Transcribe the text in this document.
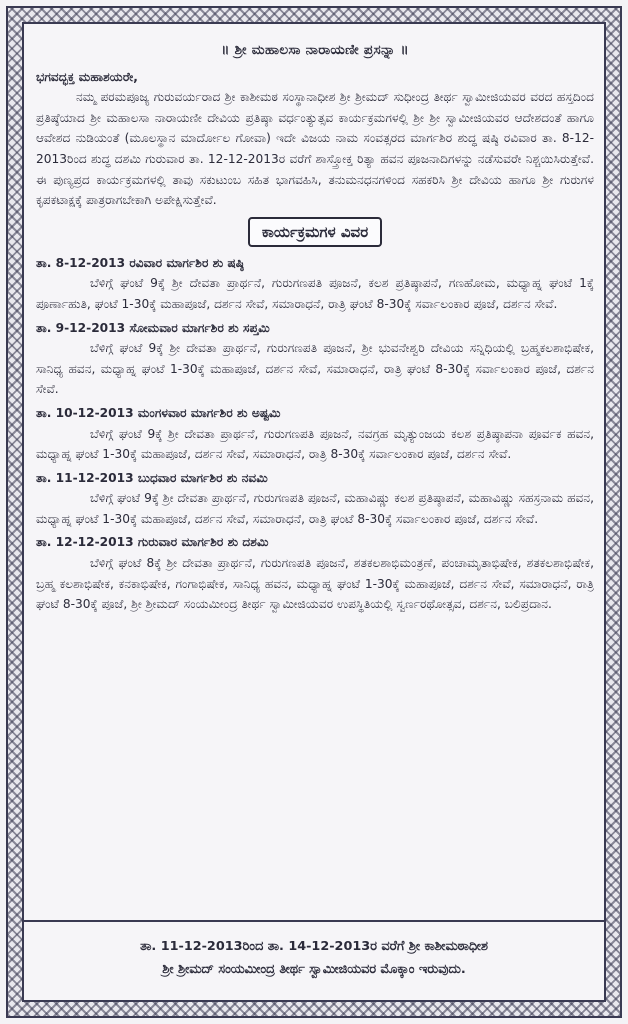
॥ ಶ್ರೀ ಮಹಾಲಸಾ ನಾರಾಯಣೀ ಪ್ರಸನ್ನಾ ॥
ಭಗವದ್ಭಕ್ತ ಮಹಾಶಯರೇ,

ನಮ್ಮ ಪರಮಪೂಜ್ಯ ಗುರುವರ್ಯರಾದ ಶ್ರೀ ಕಾಶೀಮಠ ಸಂಸ್ಥಾನಾಧೀಶ ಶ್ರೀ ಶ್ರೀಮದ್ ಸುಧೀಂದ್ರ ತೀರ್ಥ ಸ್ವಾಮೀಜಿಯವರ ವರದ ಹಸ್ತದಿಂದ ಪ್ರತಿಷ್ಠೆಯಾದ ಶ್ರೀ ಮಹಾಲಸಾ ನಾರಾಯಣೀ ದೇವಿಯ ಪ್ರತಿಷ್ಠಾ ವರ್ಧಂತ್ಯುತ್ಸವ ಕಾರ್ಯಕ್ರಮಗಳಲ್ಲಿ ಶ್ರೀ ಶ್ರೀ ಸ್ವಾಮೀಜಿಯವರ ಆದೇಶದಂತೆ ಹಾಗೂ ಆವೇಶದ ನುಡಿಯಂತೆ (ಮೂಲಸ್ಥಾನ ಮಾರ್ದೋಲ ಗೋವಾ) ಇದೇ ವಿಜಯ ನಾಮ ಸಂವತ್ಸರದ ಮಾರ್ಗಶಿರ ಶುದ್ಧ ಷಷ್ಠಿ ರವಿವಾರ ತಾ. 8-12-2013ರಿಂದ ಶುದ್ಧ ದಶಮಿ ಗುರುವಾರ ತಾ. 12-12-2013ರ ವರೆಗೆ ಶಾಸ್ತ್ರೋಕ್ತ ರಿತ್ಯಾ ಹವನ ಪೂಜನಾದಿಗಳನ್ನು ನಡೆಸುವರೇ ನಿಶ್ಚಯಿಸಿರುತ್ತೇವೆ. ಈ ಪುಣ್ಯಪ್ರದ ಕಾರ್ಯಕ್ರಮಗಳಲ್ಲಿ ತಾವು ಸಕುಟುಂಬ ಸಹಿತ ಭಾಗವಹಿಸಿ, ತನುಮನಧನಗಳಿಂದ ಸಹಕರಿಸಿ ಶ್ರೀ ದೇವಿಯ ಹಾಗೂ ಶ್ರೀ ಗುರುಗಳ ಕೃಪಕಟಾಕ್ಷಕ್ಕೆ ಪಾತ್ರರಾಗಬೇಕಾಗಿ ಅಪೇಕ್ಷಿಸುತ್ತೇವೆ.

ಕಾರ್ಯಕ್ರಮಗಳ ವಿವರ
ತಾ. 8-12-2013 ರವಿವಾರ ಮಾರ್ಗಶಿರ ಶು ಷಷ್ಠಿ

ಬೆಳಿಗ್ಗೆ ಘಂಟೆ 9ಕ್ಕೆ ಶ್ರೀ ದೇವತಾ ಪ್ರಾರ್ಥನೆ, ಗುರುಗಣಪತಿ ಪೂಜನೆ, ಕಲಶ ಪ್ರತಿಷ್ಠಾಪನೆ, ಗಣಹೋಮ, ಮಧ್ಯಾಹ್ನ ಘಂಟೆ 1ಕ್ಕೆ ಪೂರ್ಣಾಹುತಿ, ಘಂಟೆ 1-30ಕ್ಕೆ ಮಹಾಪೂಜೆ, ದರ್ಶನ ಸೇವೆ, ಸಮಾರಾಧನೆ, ರಾತ್ರಿ ಘಂಟೆ 8-30ಕ್ಕೆ ಸರ್ವಾಲಂಕಾರ ಪೂಜೆ, ದರ್ಶನ ಸೇವೆ.

ತಾ. 9-12-2013 ಸೋಮವಾರ ಮಾರ್ಗಶಿರ ಶು ಸಪ್ತಮಿ

ಬೆಳಿಗ್ಗೆ ಘಂಟೆ 9ಕ್ಕೆ ಶ್ರೀ ದೇವತಾ ಪ್ರಾರ್ಥನೆ, ಗುರುಗಣಪತಿ ಪೂಜನೆ, ಶ್ರೀ ಭುವನೇಶ್ವರಿ ದೇವಿಯ ಸನ್ನಿಧಿಯಲ್ಲಿ ಬ್ರಹ್ಮಕಲಶಾಭಿಷೇಕ, ಸಾನಿಧ್ಯ ಹವನ, ಮಧ್ಯಾಹ್ನ ಘಂಟೆ 1-30ಕ್ಕೆ ಮಹಾಪೂಜೆ, ದರ್ಶನ ಸೇವೆ, ಸಮಾರಾಧನೆ, ರಾತ್ರಿ ಘಂಟೆ 8-30ಕ್ಕೆ ಸರ್ವಾಲಂಕಾರ ಪೂಜೆ, ದರ್ಶನ ಸೇವೆ.

ತಾ. 10-12-2013 ಮಂಗಳವಾರ ಮಾರ್ಗಶಿರ ಶು ಅಷ್ಟಮಿ

ಬೆಳಿಗ್ಗೆ ಘಂಟೆ 9ಕ್ಕೆ ಶ್ರೀ ದೇವತಾ ಪ್ರಾರ್ಥನೆ, ಗುರುಗಣಪತಿ ಪೂಜನೆ, ನವಗ್ರಹ ಮೃತ್ಯುಂಜಯ ಕಲಶ ಪ್ರತಿಷ್ಠಾಪನಾ ಪೂರ್ವಕ ಹವನ, ಮಧ್ಯಾಹ್ನ ಘಂಟೆ 1-30ಕ್ಕೆ ಮಹಾಪೂಜೆ, ದರ್ಶನ ಸೇವೆ, ಸಮಾರಾಧನೆ, ರಾತ್ರಿ 8-30ಕ್ಕೆ ಸರ್ವಾಲಂಕಾರ ಪೂಜೆ, ದರ್ಶನ ಸೇವೆ.

ತಾ. 11-12-2013 ಬುಧವಾರ ಮಾರ್ಗಶಿರ ಶು ನವಮಿ

ಬೆಳಿಗ್ಗೆ ಘಂಟೆ 9ಕ್ಕೆ ಶ್ರೀ ದೇವತಾ ಪ್ರಾರ್ಥನೆ, ಗುರುಗಣಪತಿ ಪೂಜನೆ, ಮಹಾವಿಷ್ಣು ಕಲಶ ಪ್ರತಿಷ್ಠಾಪನೆ, ಮಹಾವಿಷ್ಣು ಸಹಸ್ರನಾಮ ಹವನ, ಮಧ್ಯಾಹ್ನ ಘಂಟೆ 1-30ಕ್ಕೆ ಮಹಾಪೂಜೆ, ದರ್ಶನ ಸೇವೆ, ಸಮಾರಾಧನೆ, ರಾತ್ರಿ ಘಂಟೆ 8-30ಕ್ಕೆ ಸರ್ವಾಲಂಕಾರ ಪೂಜೆ, ದರ್ಶನ ಸೇವೆ.

ತಾ. 12-12-2013 ಗುರುವಾರ ಮಾರ್ಗಶಿರ ಶು ದಶಮಿ

ಬೆಳಿಗ್ಗೆ ಘಂಟೆ 8ಕ್ಕೆ ಶ್ರೀ ದೇವತಾ ಪ್ರಾರ್ಥನೆ, ಗುರುಗಣಪತಿ ಪೂಜನೆ, ಶತಕಲಶಾಭಿಮಂತ್ರಣೆ, ಪಂಚಾಮೃತಾಭಿಷೇಕ, ಶತಕಲಶಾಭಿಷೇಕ, ಬ್ರಹ್ಮ ಕಲಶಾಭಿಷೇಕ, ಕನಕಾಭಿಷೇಕ, ಗಂಗಾಭಿಷೇಕ, ಸಾನಿಧ್ಯ ಹವನ, ಮಧ್ಯಾಹ್ನ ಘಂಟೆ 1-30ಕ್ಕೆ ಮಹಾಪೂಜೆ, ದರ್ಶನ ಸೇವೆ, ಸಮಾರಾಧನೆ, ರಾತ್ರಿ ಘಂಟೆ 8-30ಕ್ಕೆ ಪೂಜೆ, ಶ್ರೀ ಶ್ರೀಮದ್ ಸಂಯಮೀಂದ್ರ ತೀರ್ಥ ಸ್ವಾಮೀಜಿಯವರ ಉಪಸ್ಥಿತಿಯಲ್ಲಿ ಸ್ವರ್ಣರಥೋತ್ಸವ, ದರ್ಶನ, ಬಲಿಪ್ರದಾನ.

ತಾ. 11-12-2013ರಿಂದ ತಾ. 14-12-2013ರ ವರೆಗೆ ಶ್ರೀ ಕಾಶೀಮಠಾಧೀಶ
ಶ್ರೀ ಶ್ರೀಮದ್ ಸಂಯಮೀಂದ್ರ ತೀರ್ಥ ಸ್ವಾಮೀಜಿಯವರ ಮೊಕ್ಕಾಂ ಇರುವುದು.
